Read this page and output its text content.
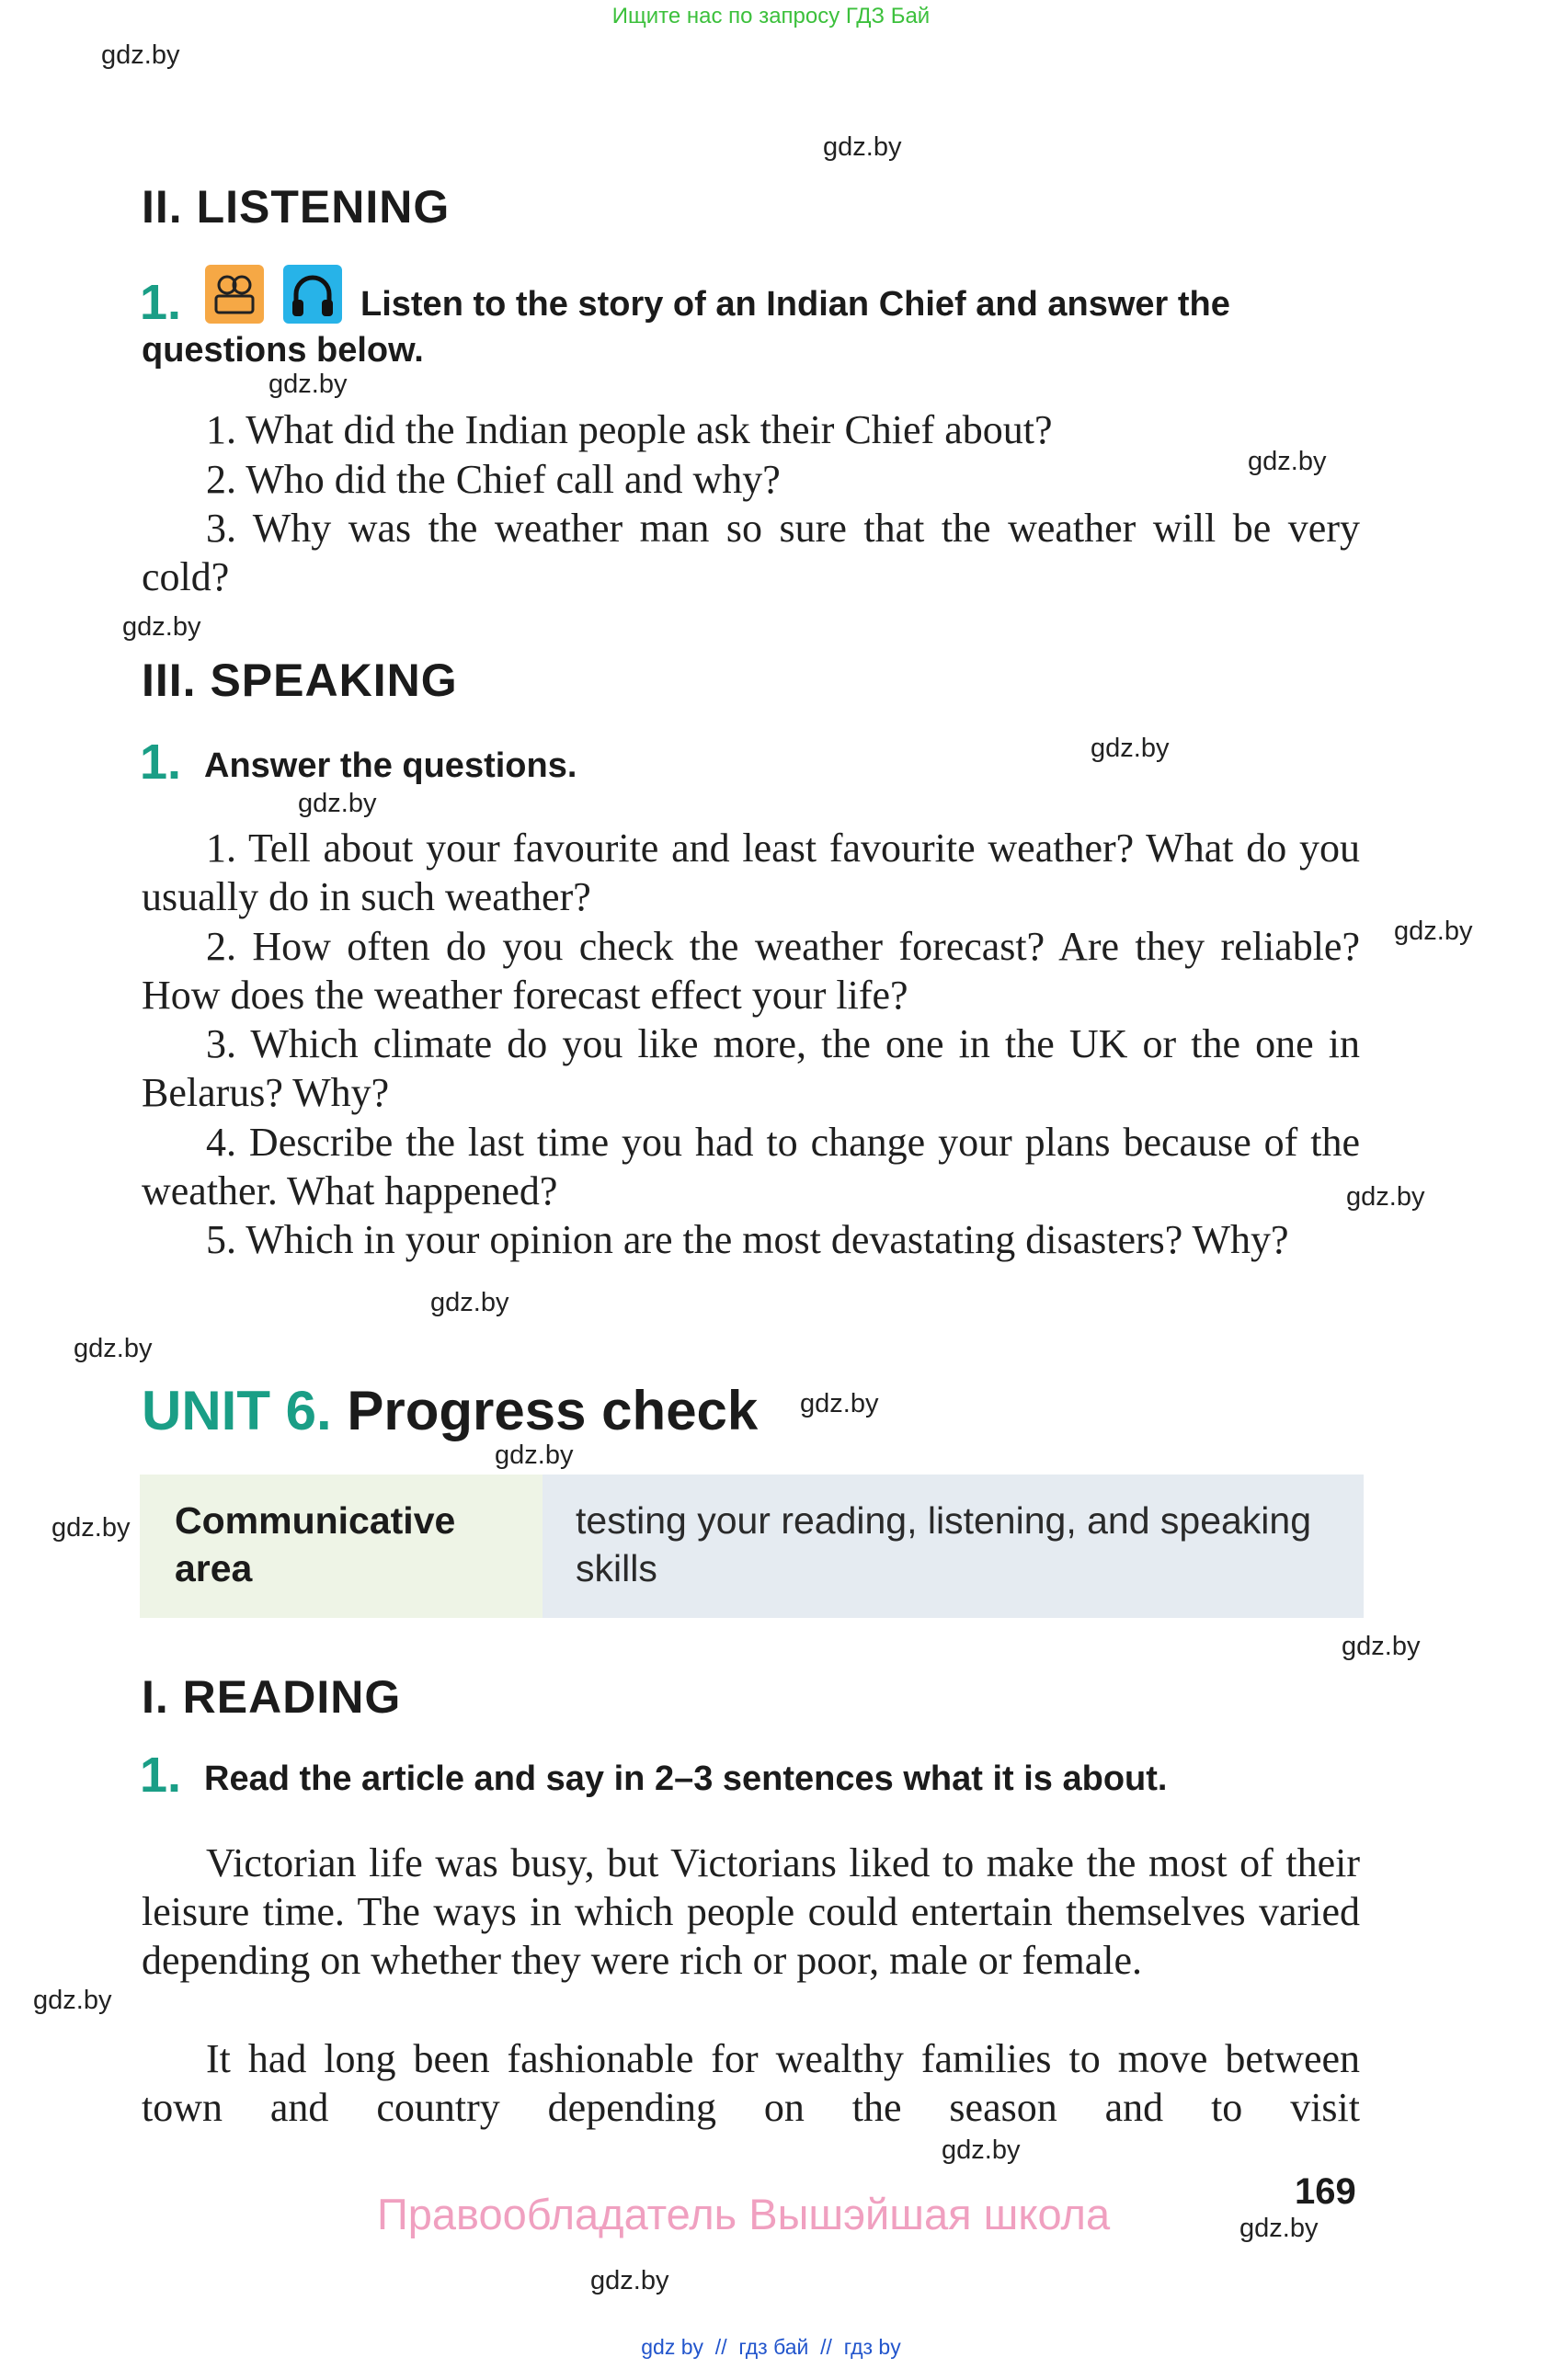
Ищите нас по запросу ГДЗ Бай
gdz.by
gdz.by
gdz.by
gdz.by
gdz.by
gdz.by
gdz.by
gdz.by
gdz.by
gdz.by
gdz.by
gdz.by
gdz.by
gdz.by
gdz.by
gdz.by
gdz.by
gdz.by
gdz.by
II. LISTENING
1.	Listen to the story of an Indian Chief and answer the
questions below.
1. What did the Indian people ask their Chief about?
2. Who did the Chief call and why?
3. Why was the weather man so sure that the weather will be very cold?
III. SPEAKING
1. Answer the questions.
1. Tell about your favourite and least favourite weather? What do you usually do in such weather?
2. How often do you check the weather forecast? Are they reliable? How does the weather forecast effect your life?
3. Which climate do you like more, the one in the UK or the one in Belarus? Why?
4. Describe the last time you had to change your plans because of the weather. What happened?
5. Which in your opinion are the most devastating disasters? Why?
UNIT 6. Progress check
Communicative area
testing your reading, listening, and speaking skills
I. READING
1. Read the article and say in 2–3 sentences what it is about.
Victorian life was busy, but Victorians liked to make the most of their leisure time. The ways in which people could entertain themselves varied depending on whether they were rich or poor, male or female.
It had long been fashionable for wealthy families to move between town and country depending on the season and to visit
169
Правообладатель Вышэйшая школа
gdz by  //  гдз бай  //  гдз by
